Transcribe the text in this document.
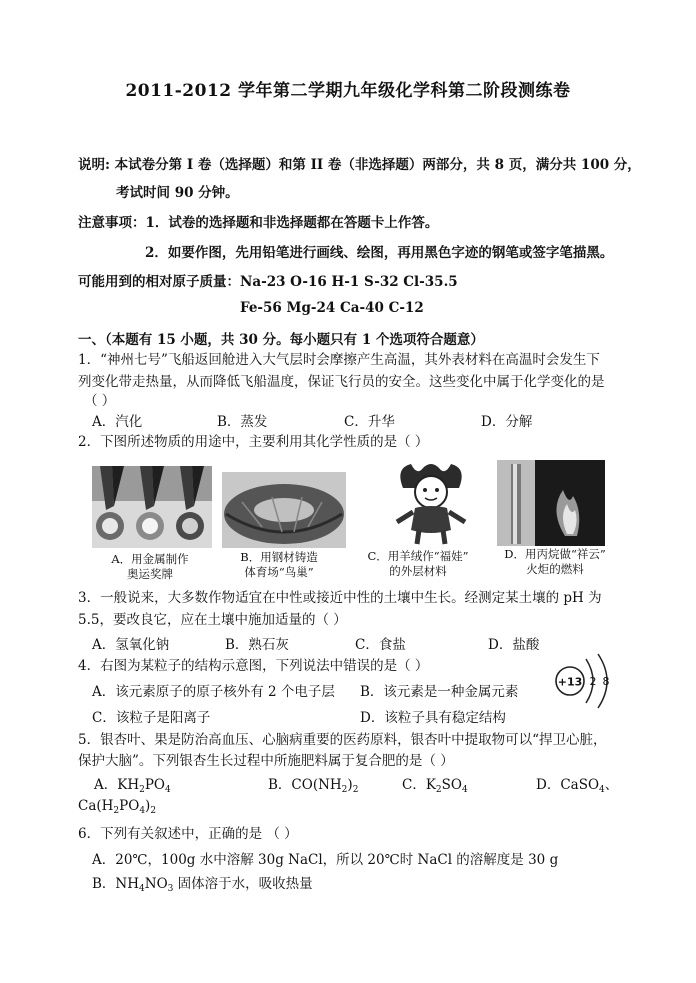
2011-2012 学年第二学期九年级化学科第二阶段测练卷
说明: 本试卷分第 I 卷（选择题）和第 II 卷（非选择题）两部分，共 8 页，满分共 100 分，
考试时间 90 分钟。
注意事项：1．试卷的选择题和非选择题都在答题卡上作答。
2．如要作图，先用铅笔进行画线、绘图，再用黑色字迹的钢笔或签字笔描黑。
可能用到的相对原子质量：Na-23 O-16 H-1 S-32 Cl-35.5
Fe-56 Mg-24 Ca-40 C-12
一、（本题有 15 小题，共 30 分。每小题只有 1 个选项符合题意）
1．“神州七号”飞船返回舱进入大气层时会摩擦产生高温，其外表材料在高温时会发生下
列变化带走热量，从而降低飞船温度，保证飞行员的安全。这些变化中属于化学变化的是
（ ）
A．汽化	B．蒸发	C．升华	D．分解
2．下图所述物质的用途中，主要利用其化学性质的是（ ）
A．用金属制作
奥运奖牌
B．用钢材铸造
体育场“鸟巢”
C．用羊绒作“福娃”
的外层材料
D．用丙烷做“祥云”
火炬的燃料
3．一般说来，大多数作物适宜在中性或接近中性的土壤中生长。经测定某土壤的 pH 为
5.5，要改良它，应在土壤中施加适量的（ ）
A．氢氧化钠	B．熟石灰	C．食盐	D．盐酸
4．右图为某粒子的结构示意图，下列说法中错误的是（ ）
A．该元素原子的原子核外有 2 个电子层 B．该元素是一种金属元素
C．该粒子是阳离子	D．该粒子具有稳定结构
+13 2 8
5．银杏叶、果是防治高血压、心脑病重要的医药原料，银杏叶中提取物可以“捍卫心脏，
保护大脑”。下列银杏生长过程中所施肥料属于复合肥的是（ ）
A．$KH_2PO_4$	B．$CO(NH_2)_2$	C．$K_2SO_4$	D．CaSO$_4$、
$Ca(H_2PO_4)_2$
6．下列有关叙述中，正确的是 （ ）
A．20℃，100g 水中溶解 30g NaCl，所以 20℃时 NaCl 的溶解度是 30 g
B．$NH_4NO_3$ 固体溶于水，吸收热量
